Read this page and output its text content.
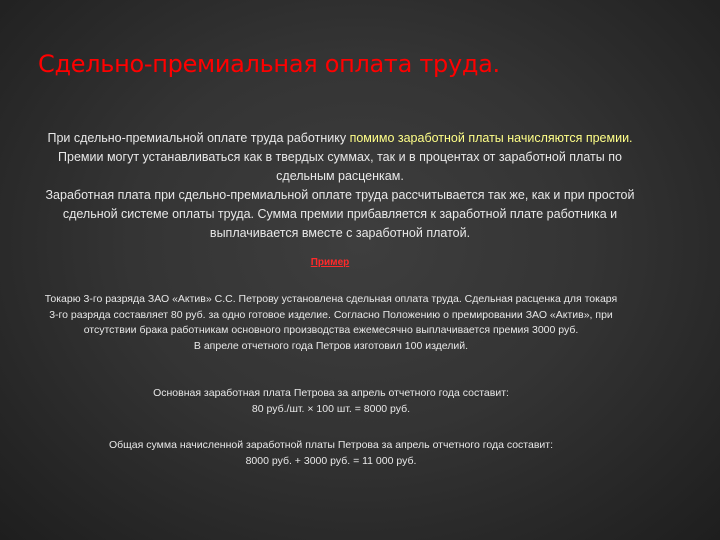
Сдельно-премиальная оплата труда.

При сдельно-премиальной оплате труда работнику помимо заработной платы начисляются премии. Премии могут устанавливаться как в твердых суммах, так и в процентах от заработной платы по сдельным расценкам.

Заработная плата при сдельно-премиальной оплате труда рассчитывается так же, как и при простой сдельной системе оплаты труда. Сумма премии прибавляется к заработной плате работника и выплачивается вместе с заработной платой.

Пример

Токарю 3-го разряда ЗАО «Актив» С.С. Петрову установлена сдельная оплата труда. Сдельная расценка для токаря 3-го разряда составляет 80 руб. за одно готовое изделие. Согласно Положению о премировании ЗАО «Актив», при отсутствии брака работникам основного производства ежемесячно выплачивается премия 3000 руб.

В апреле отчетного года Петров изготовил 100 изделий.

Основная заработная плата Петрова за апрель отчетного года составит:

80 руб./шт. × 100 шт. = 8000 руб.

Общая сумма начисленной заработной платы Петрова за апрель отчетного года составит:

8000 руб. + 3000 руб. = 11 000 руб.
